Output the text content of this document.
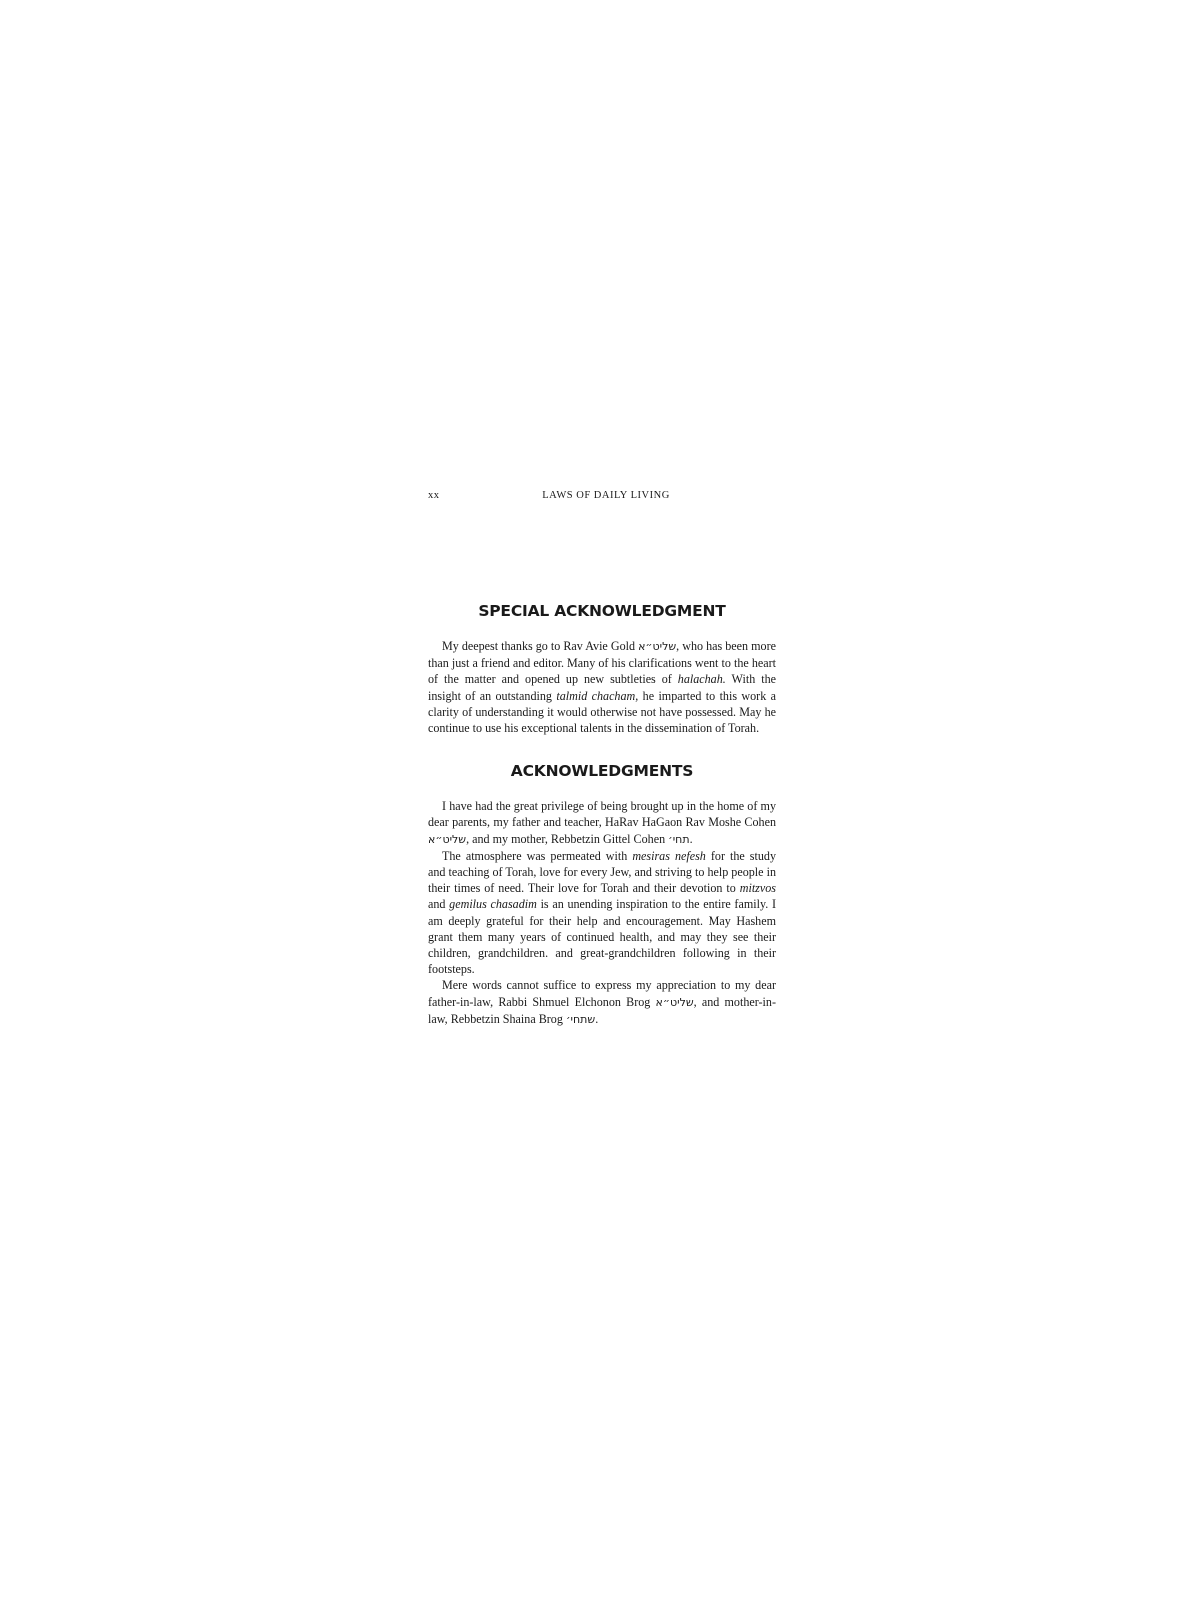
xx	LAWS OF DAILY LIVING
SPECIAL ACKNOWLEDGMENT

My deepest thanks go to Rav Avie Gold שליט״א, who has been more than just a friend and editor. Many of his clarifications went to the heart of the matter and opened up new subtleties of halachah. With the insight of an outstanding talmid chacham, he imparted to this work a clarity of understanding it would otherwise not have possessed. May he continue to use his exceptional talents in the dissemination of Torah.

ACKNOWLEDGMENTS

I have had the great privilege of being brought up in the home of my dear parents, my father and teacher, HaRav HaGaon Rav Moshe Cohen שליט״א, and my mother, Rebbetzin Gittel Cohen תחי׳.

The atmosphere was permeated with mesiras nefesh for the study and teaching of Torah, love for every Jew, and striving to help people in their times of need. Their love for Torah and their devotion to mitzvos and gemilus chasadim is an unending inspiration to the entire family. I am deeply grateful for their help and encouragement. May Hashem grant them many years of continued health, and may they see their children, grandchildren. and great-grandchildren following in their footsteps.

Mere words cannot suffice to express my appreciation to my dear father-in-law, Rabbi Shmuel Elchonon Brog שליט״א, and mother-in-law, Rebbetzin Shaina Brog שתחי׳.
